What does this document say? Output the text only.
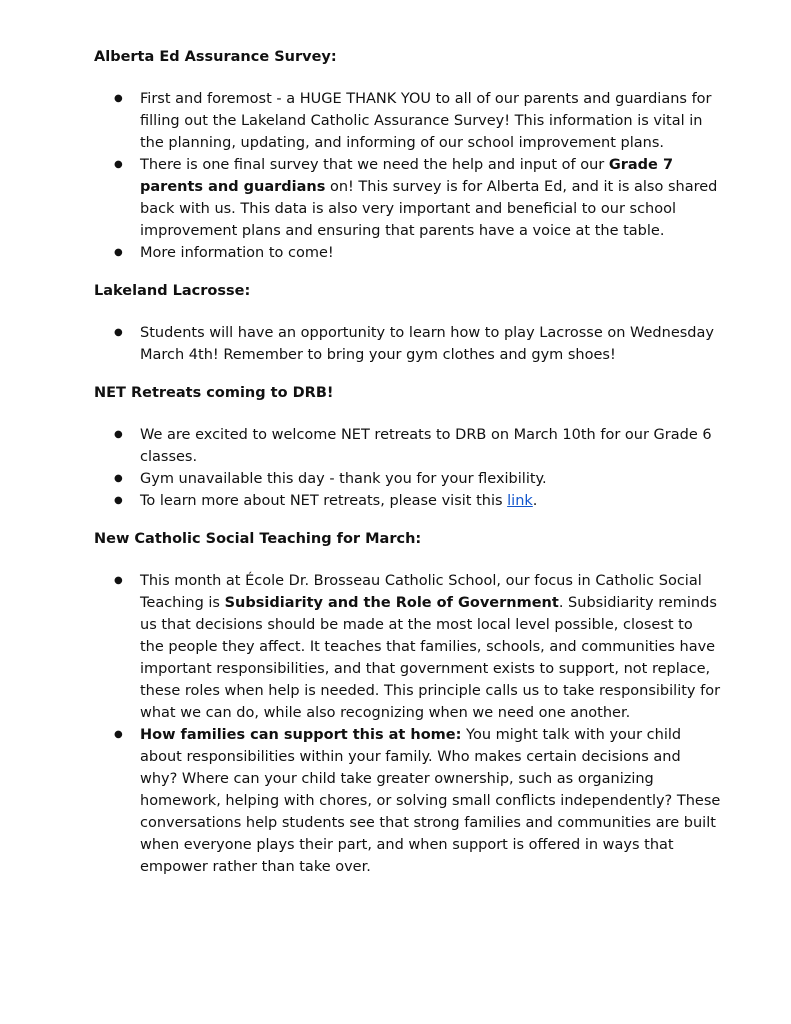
Alberta Ed Assurance Survey:

● First and foremost - a HUGE THANK YOU to all of our parents and guardians for filling out the Lakeland Catholic Assurance Survey! This information is vital in the planning, updating, and informing of our school improvement plans.
● There is one final survey that we need the help and input of our Grade 7 parents and guardians on! This survey is for Alberta Ed, and it is also shared back with us. This data is also very important and beneficial to our school improvement plans and ensuring that parents have a voice at the table.
● More information to come!

Lakeland Lacrosse:

● Students will have an opportunity to learn how to play Lacrosse on Wednesday March 4th! Remember to bring your gym clothes and gym shoes!

NET Retreats coming to DRB!

● We are excited to welcome NET retreats to DRB on March 10th for our Grade 6 classes.
● Gym unavailable this day - thank you for your flexibility.
● To learn more about NET retreats, please visit this link.

New Catholic Social Teaching for March:

● This month at École Dr. Brosseau Catholic School, our focus in Catholic Social Teaching is Subsidiarity and the Role of Government. Subsidiarity reminds us that decisions should be made at the most local level possible, closest to the people they affect. It teaches that families, schools, and communities have important responsibilities, and that government exists to support, not replace, these roles when help is needed. This principle calls us to take responsibility for what we can do, while also recognizing when we need one another.
● How families can support this at home: You might talk with your child about responsibilities within your family. Who makes certain decisions and why? Where can your child take greater ownership, such as organizing homework, helping with chores, or solving small conflicts independently? These conversations help students see that strong families and communities are built when everyone plays their part, and when support is offered in ways that empower rather than take over.
